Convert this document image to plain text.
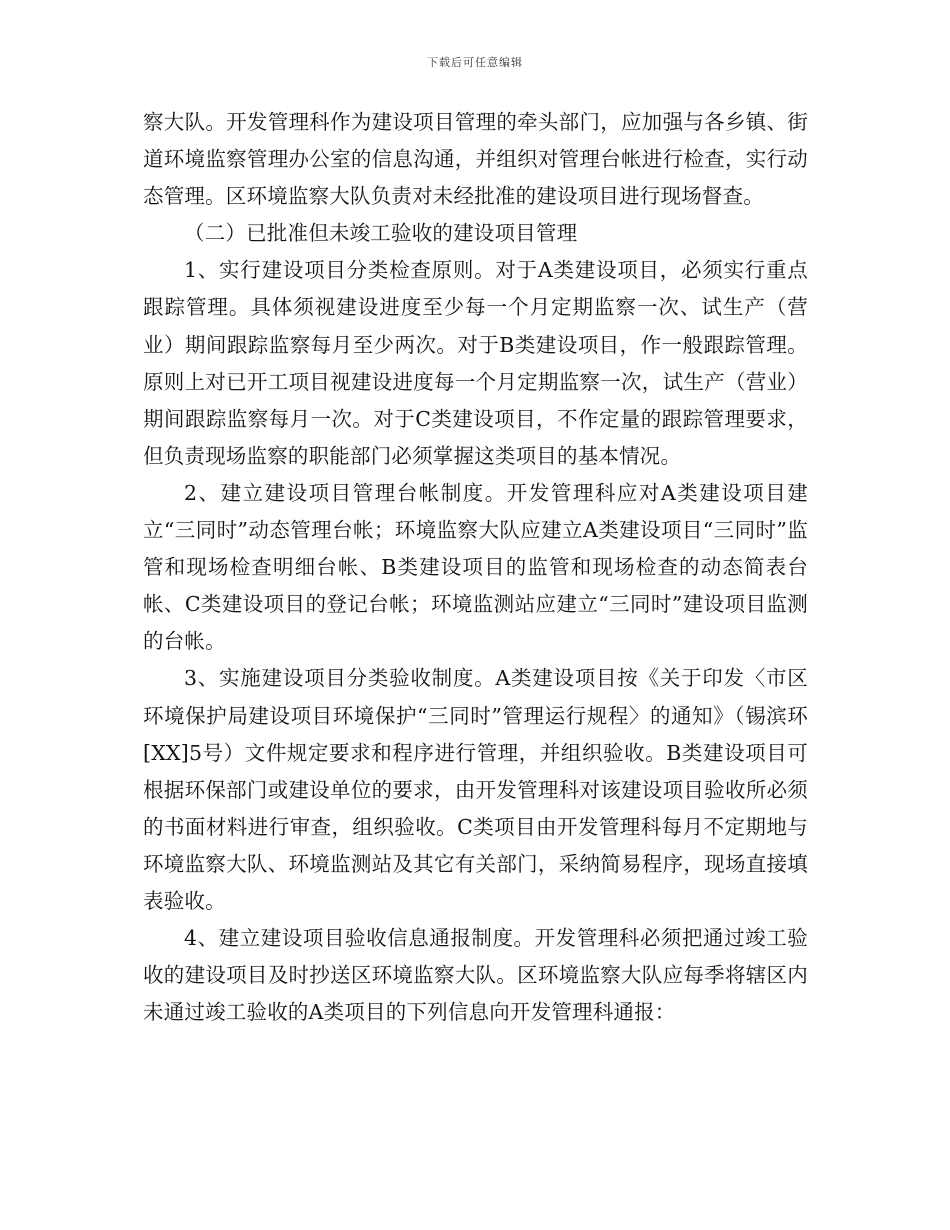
下载后可任意编辑

察大队。开发管理科作为建设项目管理的牵头部门，应加强与各乡镇、街道环境监察管理办公室的信息沟通，并组织对管理台帐进行检查，实行动态管理。区环境监察大队负责对未经批准的建设项目进行现场督查。

（二）已批准但未竣工验收的建设项目管理

1、实行建设项目分类检查原则。对于A类建设项目，必须实行重点跟踪管理。具体须视建设进度至少每一个月定期监察一次、试生产（营业）期间跟踪监察每月至少两次。对于B类建设项目，作一般跟踪管理。原则上对已开工项目视建设进度每一个月定期监察一次，试生产（营业）期间跟踪监察每月一次。对于C类建设项目，不作定量的跟踪管理要求，但负责现场监察的职能部门必须掌握这类项目的基本情况。

2、建立建设项目管理台帐制度。开发管理科应对A类建设项目建立“三同时”动态管理台帐；环境监察大队应建立A类建设项目“三同时”监管和现场检查明细台帐、B类建设项目的监管和现场检查的动态简表台帐、C类建设项目的登记台帐；环境监测站应建立“三同时”建设项目监测的台帐。

3、实施建设项目分类验收制度。A类建设项目按《关于印发〈市区环境保护局建设项目环境保护“三同时”管理运行规程〉的通知》（锡滨环[XX]5号）文件规定要求和程序进行管理，并组织验收。B类建设项目可根据环保部门或建设单位的要求，由开发管理科对该建设项目验收所必须的书面材料进行审查，组织验收。C类项目由开发管理科每月不定期地与环境监察大队、环境监测站及其它有关部门，采纳简易程序，现场直接填表验收。

4、建立建设项目验收信息通报制度。开发管理科必须把通过竣工验收的建设项目及时抄送区环境监察大队。区环境监察大队应每季将辖区内未通过竣工验收的A类项目的下列信息向开发管理科通报：
